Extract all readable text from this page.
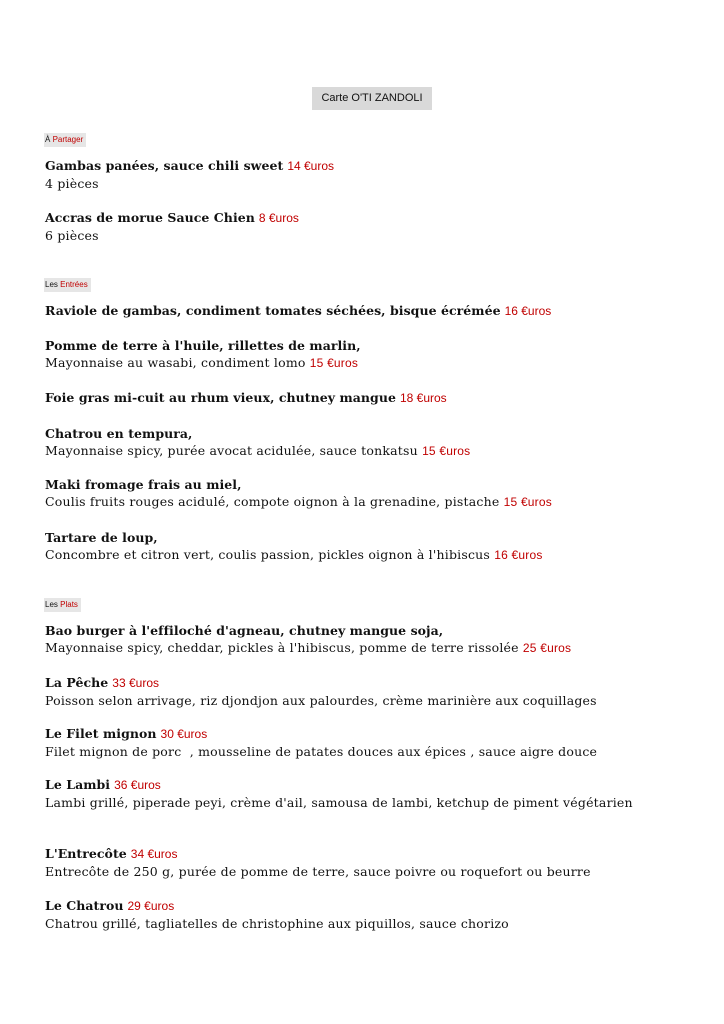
Carte O'TI ZANDOLI
À Partager
Gambas panées, sauce chili sweet 14 €uros
4 pièces
Accras de morue Sauce Chien 8 €uros
6 pièces
Les Entrées
Raviole de gambas, condiment tomates séchées, bisque écrémée 16 €uros
Pomme de terre à l'huile, rillettes de marlin,
Mayonnaise au wasabi, condiment lomo 15 €uros
Foie gras mi-cuit au rhum vieux, chutney mangue 18 €uros
Chatrou en tempura,
Mayonnaise spicy, purée avocat acidulée, sauce tonkatsu 15 €uros
Maki fromage frais au miel,
Coulis fruits rouges acidulé, compote oignon à la grenadine, pistache 15 €uros
Tartare de loup,
Concombre et citron vert, coulis passion, pickles oignon à l'hibiscus 16 €uros
Les Plats
Bao burger à l'effiloché d'agneau, chutney mangue soja,
Mayonnaise spicy, cheddar, pickles à l'hibiscus, pomme de terre rissolée 25 €uros
La Pêche 33 €uros
Poisson selon arrivage, riz djondjon aux palourdes, crème marinière aux coquillages
Le Filet mignon 30 €uros
Filet mignon de porc  , mousseline de patates douces aux épices , sauce aigre douce
Le Lambi 36 €uros
Lambi grillé, piperade peyi, crème d'ail, samousa de lambi, ketchup de piment végétarien
L'Entrecôte 34 €uros
Entrecôte de 250 g, purée de pomme de terre, sauce poivre ou roquefort ou beurre
Le Chatrou 29 €uros
Chatrou grillé, tagliatelles de christophine aux piquillos, sauce chorizo
